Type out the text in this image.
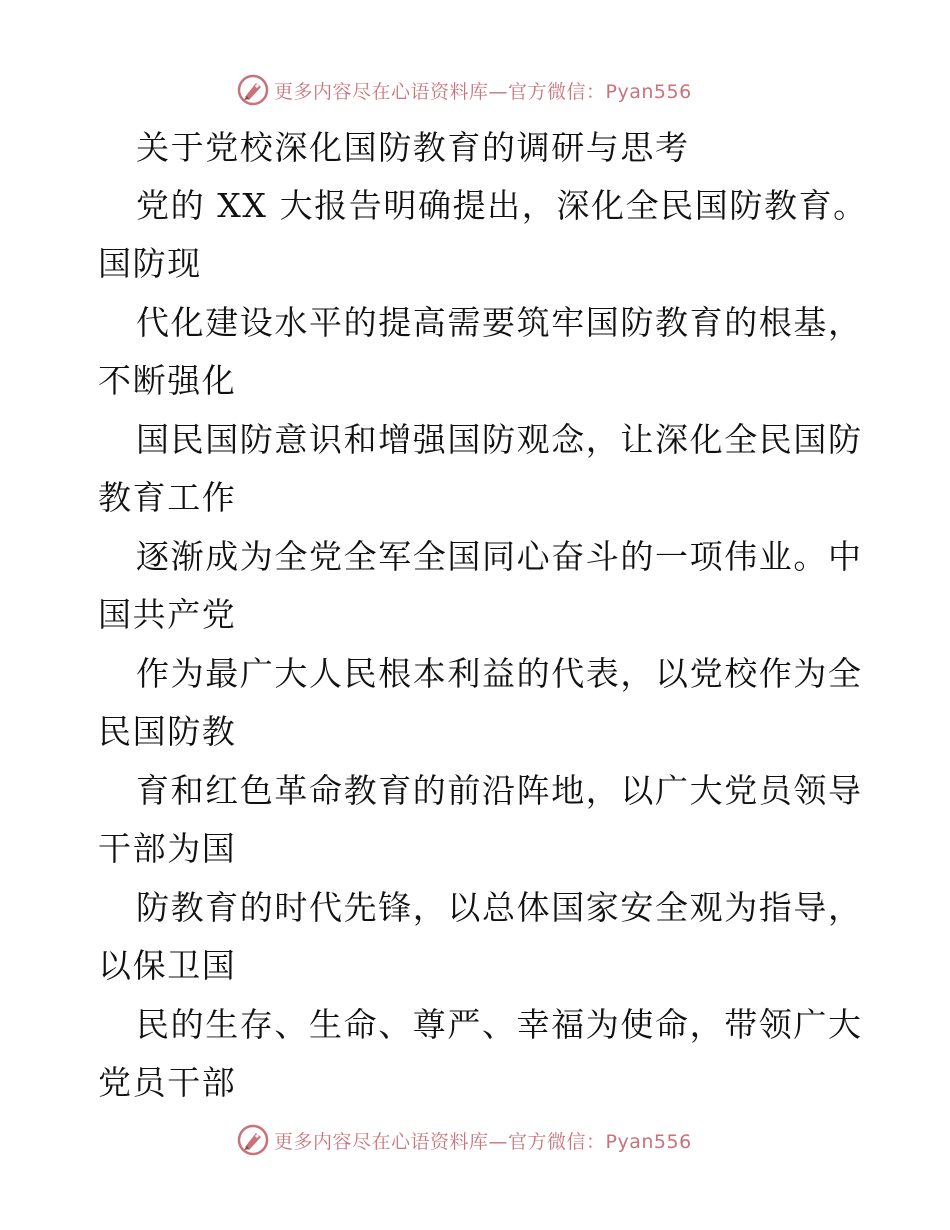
更多内容尽在心语资料库—官方微信：Pyan556
关于党校深化国防教育的调研与思考
党的 XX 大报告明确提出，深化全民国防教育。
国防现
代化建设水平的提高需要筑牢国防教育的根基，
不断强化
国民国防意识和增强国防观念，让深化全民国防
教育工作
逐渐成为全党全军全国同心奋斗的一项伟业。中
国共产党
作为最广大人民根本利益的代表，以党校作为全
民国防教
育和红色革命教育的前沿阵地，以广大党员领导
干部为国
防教育的时代先锋，以总体国家安全观为指导，
以保卫国
民的生存、生命、尊严、幸福为使命，带领广大
党员干部
更多内容尽在心语资料库—官方微信：Pyan556
